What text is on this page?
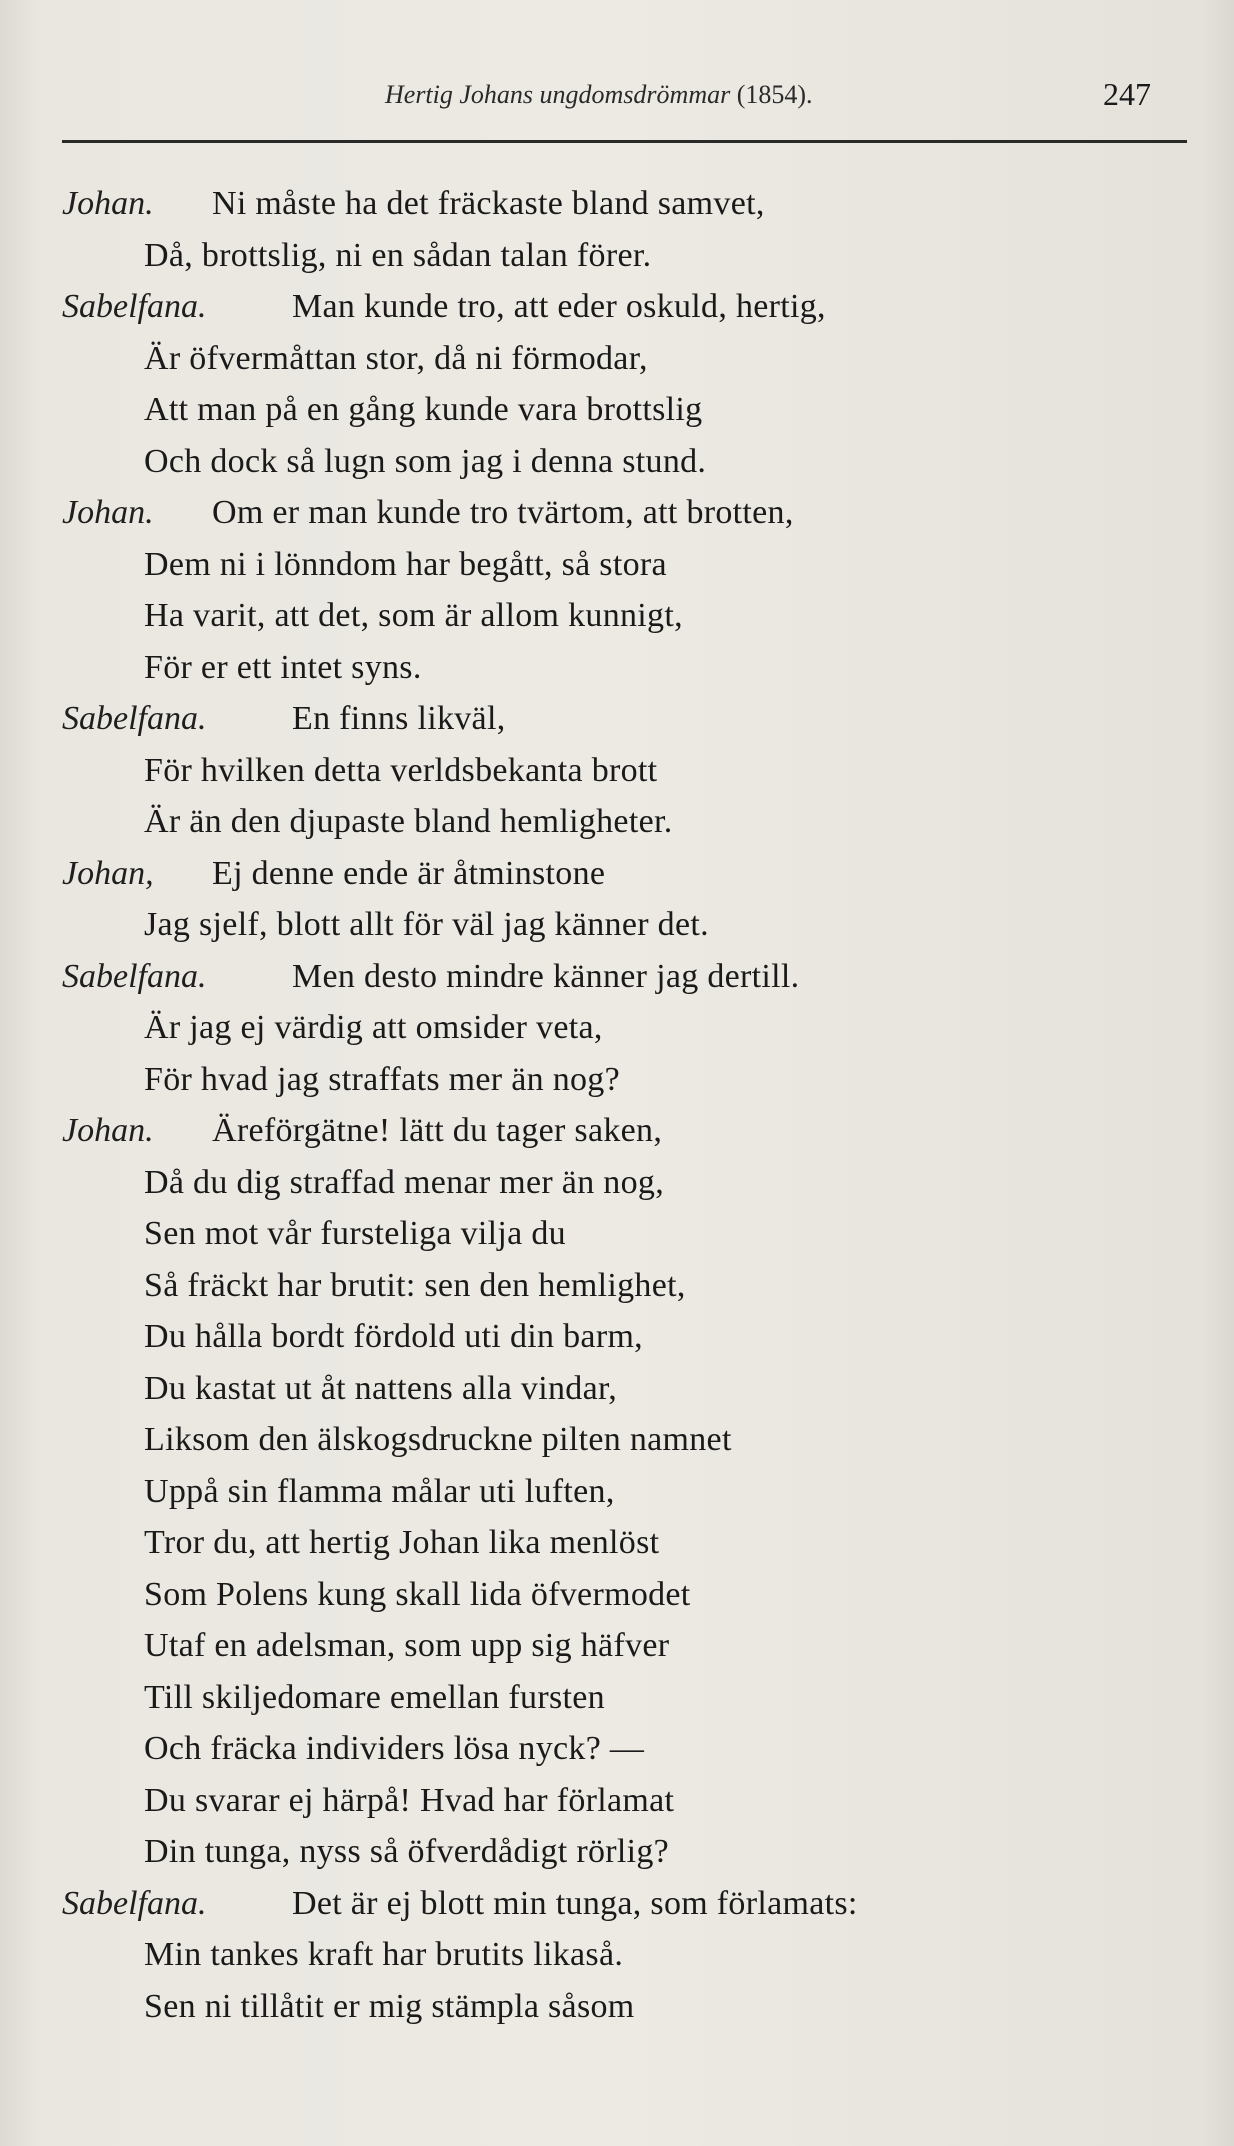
Hertig Johans ungdomsdrömmar (1854).	247
Johan. Ni måste ha det fräckaste bland samvet,
Då, brottslig, ni en sådan talan förer.
Sabelfana.	Man kunde tro, att eder oskuld, hertig,
Är öfvermåttan stor, då ni förmodar,
Att man på en gång kunde vara brottslig
Och dock så lugn som jag i denna stund.
Johan. Om er man kunde tro tvärtom, att brotten,
Dem ni i lönndom har begått, så stora
Ha varit, att det, som är allom kunnigt,
För er ett intet syns.
Sabelfana.	En finns likväl,
För hvilken detta verldsbekanta brott
Är än den djupaste bland hemligheter.
Johan, Ej denne ende är åtminstone
Jag sjelf, blott allt för väl jag känner det.
Sabelfana.	Men desto mindre känner jag dertill.
Är jag ej värdig att omsider veta,
För hvad jag straffats mer än nog?
Johan. Ärеförgätne! lätt du tager saken,
Då du dig straffad menar mer än nog,
Sen mot vår fursteliga vilja du
Så fräckt har brutit: sen den hemlighet,
Du hålla bordt fördold uti din barm,
Du kastat ut åt nattens alla vindar,
Liksom den älskogsdruckne pilten namnet
Uppå sin flamma målar uti luften,
Tror du, att hertig Johan lika menlöst
Som Polens kung skall lida öfvermodet
Utaf en adelsman, som upp sig häfver
Till skiljedomare emellan fursten
Och fräcka individers lösa nyck? —
Du svarar ej härpå! Hvad har förlamat
Din tunga, nyss så öfverdådigt rörlig?
Sabelfana.	Det är ej blott min tunga, som förlamats:
Min tankes kraft har brutits likaså.
Sen ni tillåtit er mig stämpla såsom
